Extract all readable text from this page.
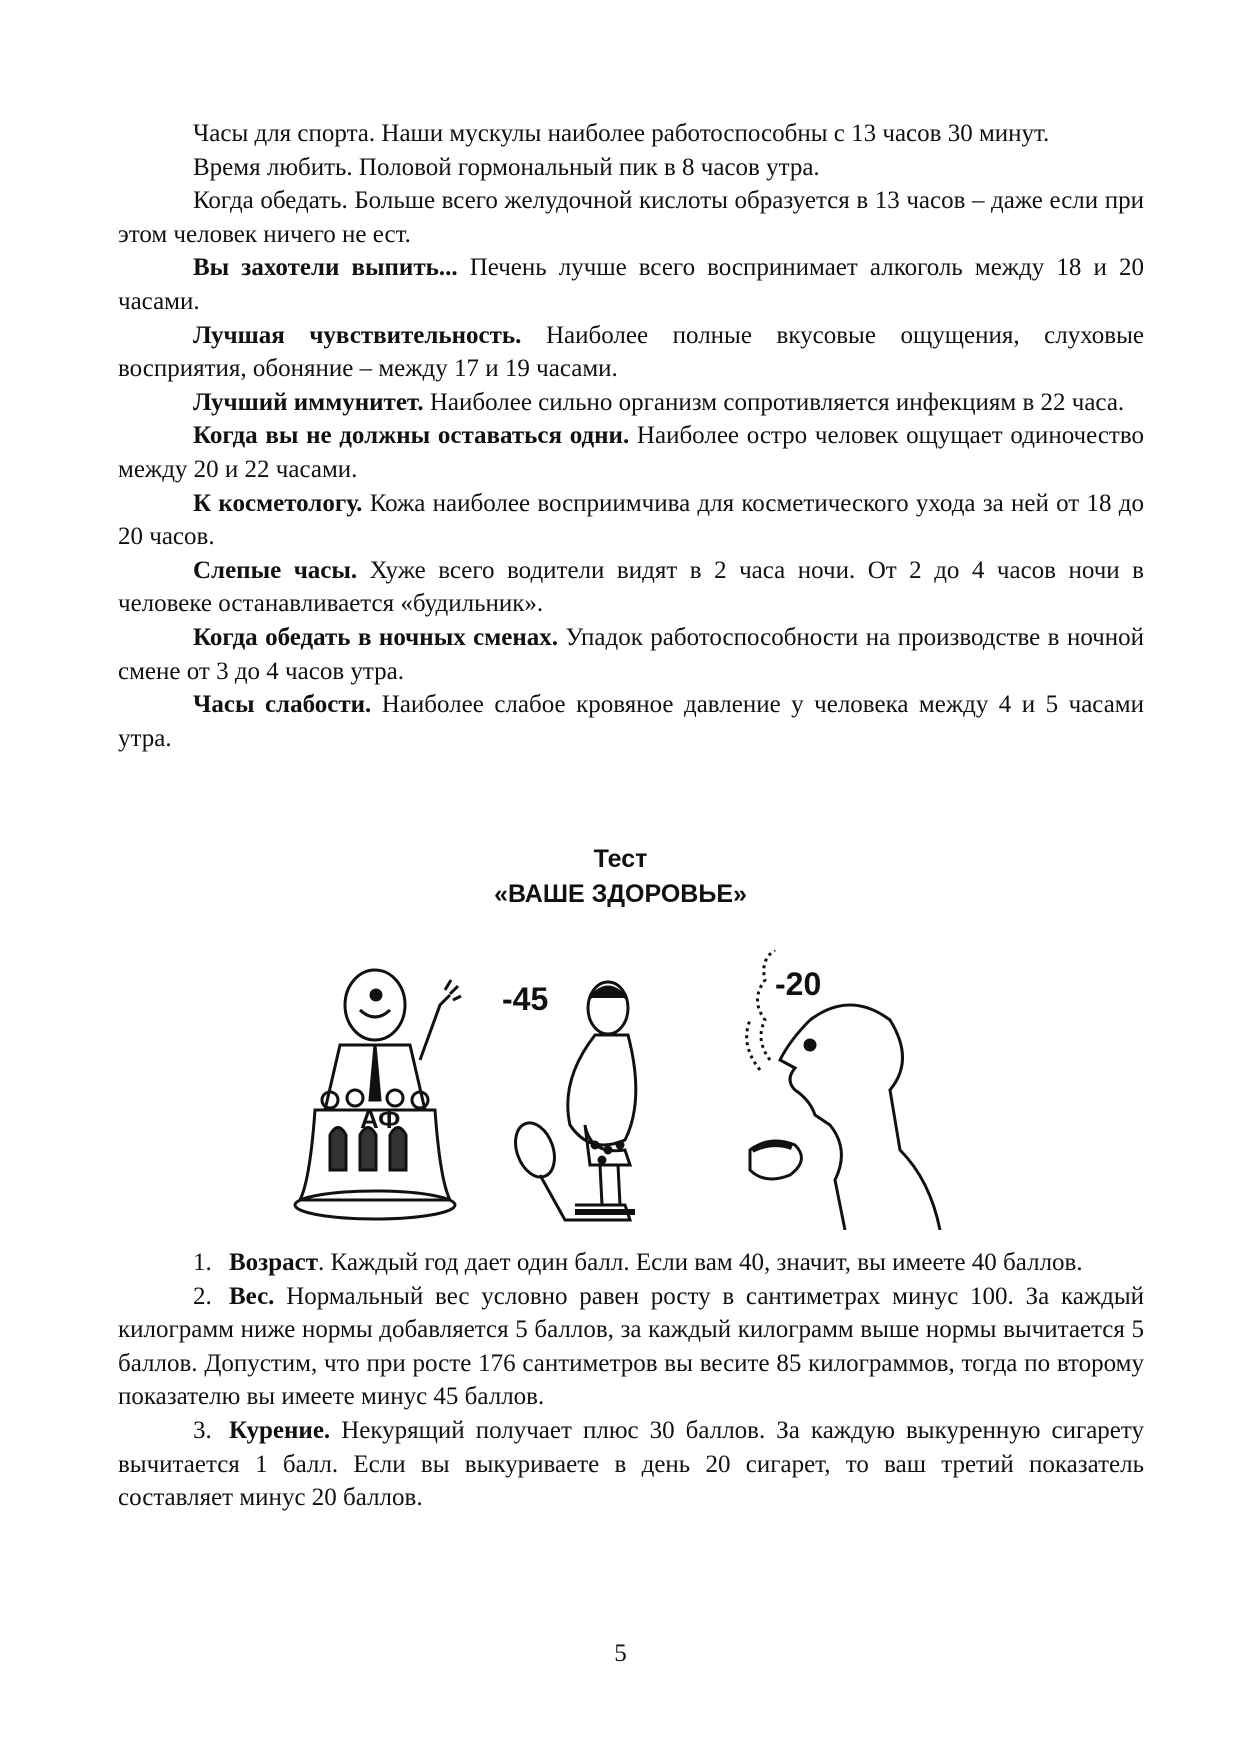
Часы для спорта. Наши мускулы наиболее работоспособны с 13 часов 30 минут.

Время любить. Половой гормональный пик в 8 часов утра.

Когда обедать. Больше всего желудочной кислоты образуется в 13 часов – даже если при этом человек ничего не ест.

Вы захотели выпить... Печень лучше всего воспринимает алкоголь между 18 и 20 часами.

Лучшая чувствительность. Наиболее полные вкусовые ощущения, слуховые восприятия, обоняние – между 17 и 19 часами.

Лучший иммунитет. Наиболее сильно организм сопротивляется инфекциям в 22 часа.

Когда вы не должны оставаться одни. Наиболее остро человек ощущает одиночество между 20 и 22 часами.

К косметологу. Кожа наиболее восприимчива для косметического ухода за ней от 18 до 20 часов.

Слепые часы. Хуже всего водители видят в 2 часа ночи. От 2 до 4 часов ночи в человеке останавливается «будильник».

Когда обедать в ночных сменах. Упадок работоспособности на производстве в ночной смене от 3 до 4 часов утра.

Часы слабости. Наиболее слабое кровяное давление у человека между 4 и 5 часами утра.

Тест
«ВАШЕ ЗДОРОВЬЕ»
АФ
-45	-20

1. Возраст. Каждый год дает один балл. Если вам 40, значит, вы имеете 40 баллов.

2. Вес. Нормальный вес условно равен росту в сантиметрах минус 100. За каждый килограмм ниже нормы добавляется 5 баллов, за каждый килограмм выше нормы вычитается 5 баллов. Допустим, что при росте 176 сантиметров вы весите 85 килограммов, тогда по второму показателю вы имеете минус 45 баллов.

3. Курение. Некурящий получает плюс 30 баллов. За каждую выкуренную сигарету вычитается 1 балл. Если вы выкуриваете в день 20 сигарет, то ваш третий показатель составляет минус 20 баллов.

5
